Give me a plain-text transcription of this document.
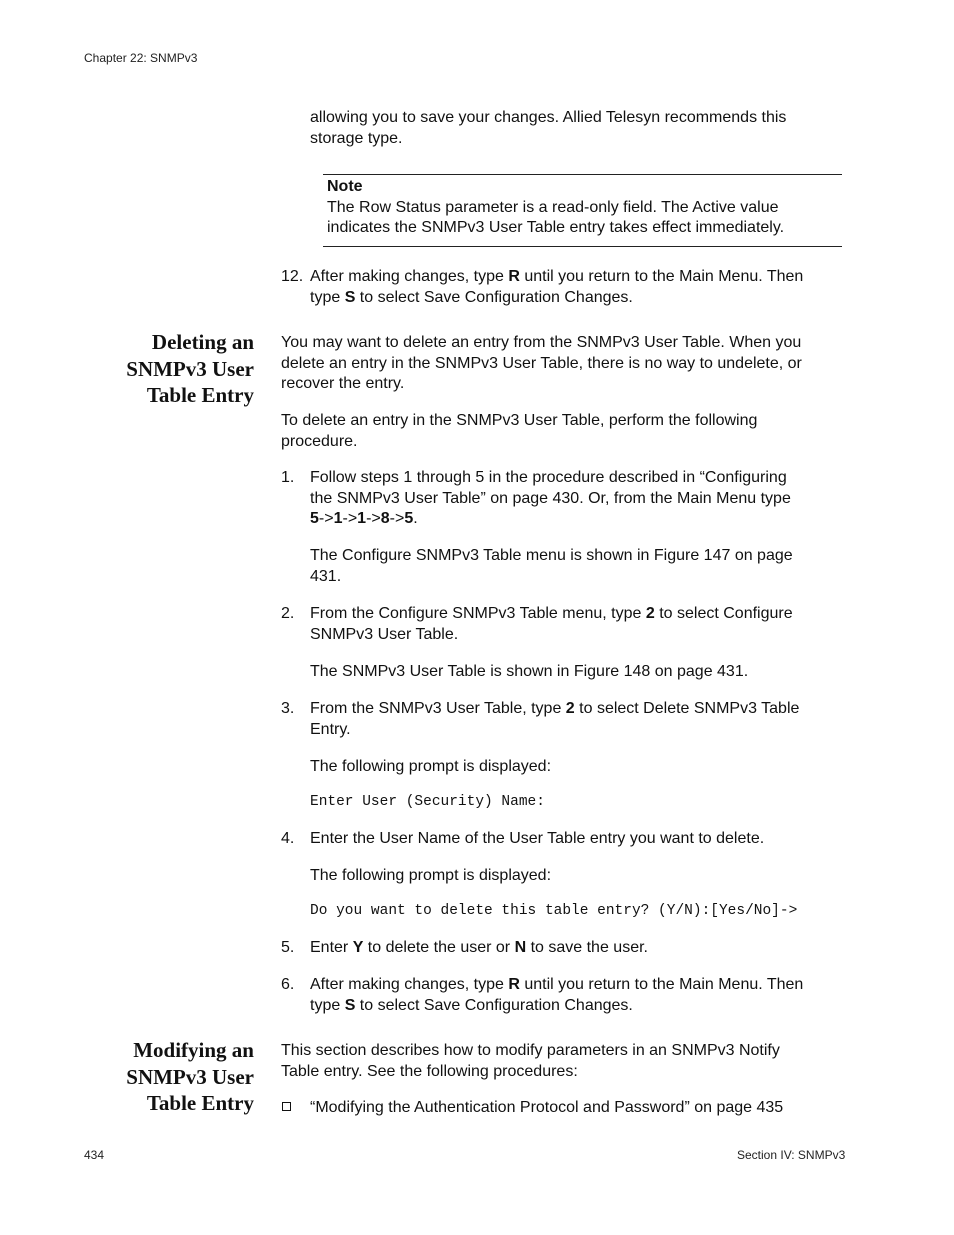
Chapter 22: SNMPv3
434	Section IV: SNMPv3
allowing you to save your changes. Allied Telesyn recommends this
storage type.
Note
The Row Status parameter is a read-only field. The Active value
indicates the SNMPv3 User Table entry takes effect immediately.
12. After making changes, type R until you return to the Main Menu. Then
type S to select Save Configuration Changes.
Deleting an
SNMPv3 User
Table Entry
You may want to delete an entry from the SNMPv3 User Table. When you
delete an entry in the SNMPv3 User Table, there is no way to undelete, or
recover the entry.
To delete an entry in the SNMPv3 User Table, perform the following
procedure.
1. Follow steps 1 through 5 in the procedure described in “Configuring
the SNMPv3 User Table” on page 430. Or, from the Main Menu type
5->1->1->8->5.
The Configure SNMPv3 Table menu is shown in Figure 147 on page
431.
2. From the Configure SNMPv3 Table menu, type 2 to select Configure
SNMPv3 User Table.
The SNMPv3 User Table is shown in Figure 148 on page 431.
3. From the SNMPv3 User Table, type 2 to select Delete SNMPv3 Table
Entry.
The following prompt is displayed:
Enter User (Security) Name:
4. Enter the User Name of the User Table entry you want to delete.
The following prompt is displayed:
Do you want to delete this table entry? (Y/N):[Yes/No]->
5. Enter Y to delete the user or N to save the user.
6. After making changes, type R until you return to the Main Menu. Then
type S to select Save Configuration Changes.
Modifying an
SNMPv3 User
Table Entry
This section describes how to modify parameters in an SNMPv3 Notify
Table entry. See the following procedures:
“Modifying the Authentication Protocol and Password” on page 435
